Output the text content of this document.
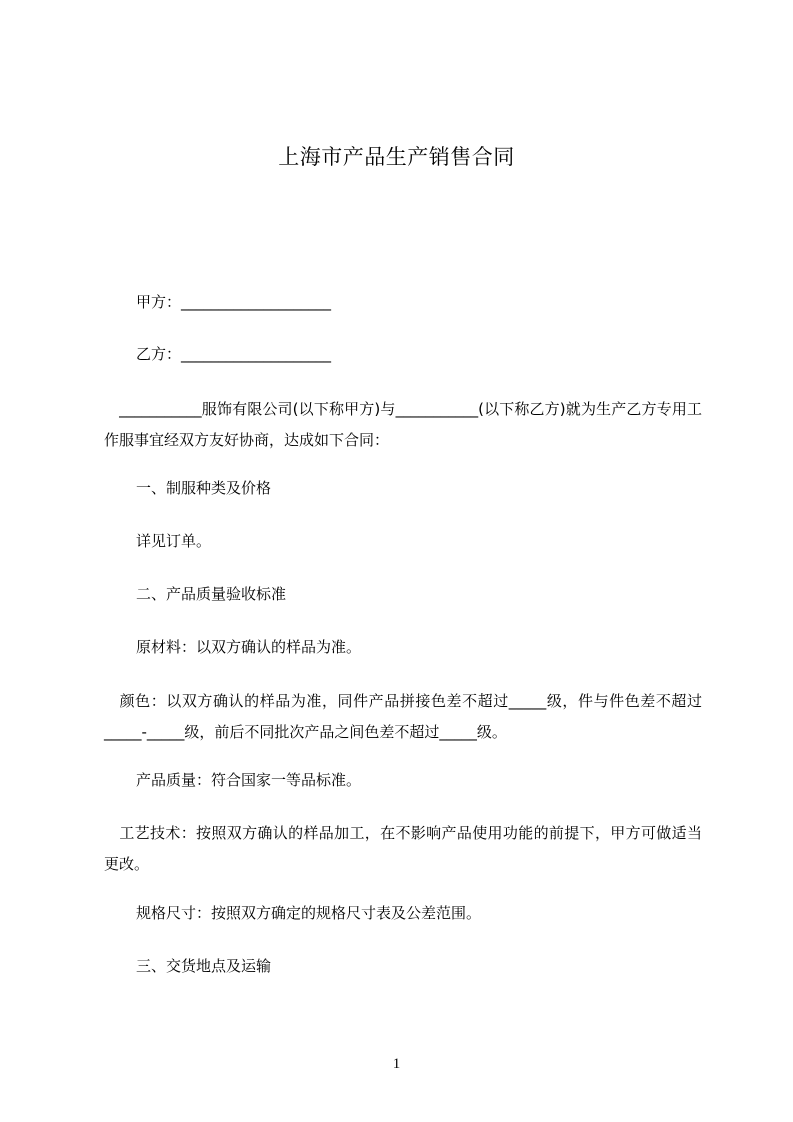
上海市产品生产销售合同
甲方：____________________
乙方：____________________
　___________服饰有限公司(以下称甲方)与___________(以下称乙方)就为生产乙方专用工作服事宜经双方友好协商，达成如下合同：
一、制服种类及价格
详见订单。
二、产品质量验收标准
原材料：以双方确认的样品为准。
　颜色：以双方确认的样品为准，同件产品拼接色差不超过_____级，件与件色差不超过_____-_____级，前后不同批次产品之间色差不超过_____级。
产品质量：符合国家一等品标准。
　工艺技术：按照双方确认的样品加工，在不影响产品使用功能的前提下，甲方可做适当更改。
规格尺寸：按照双方确定的规格尺寸表及公差范围。
三、交货地点及运输
1
